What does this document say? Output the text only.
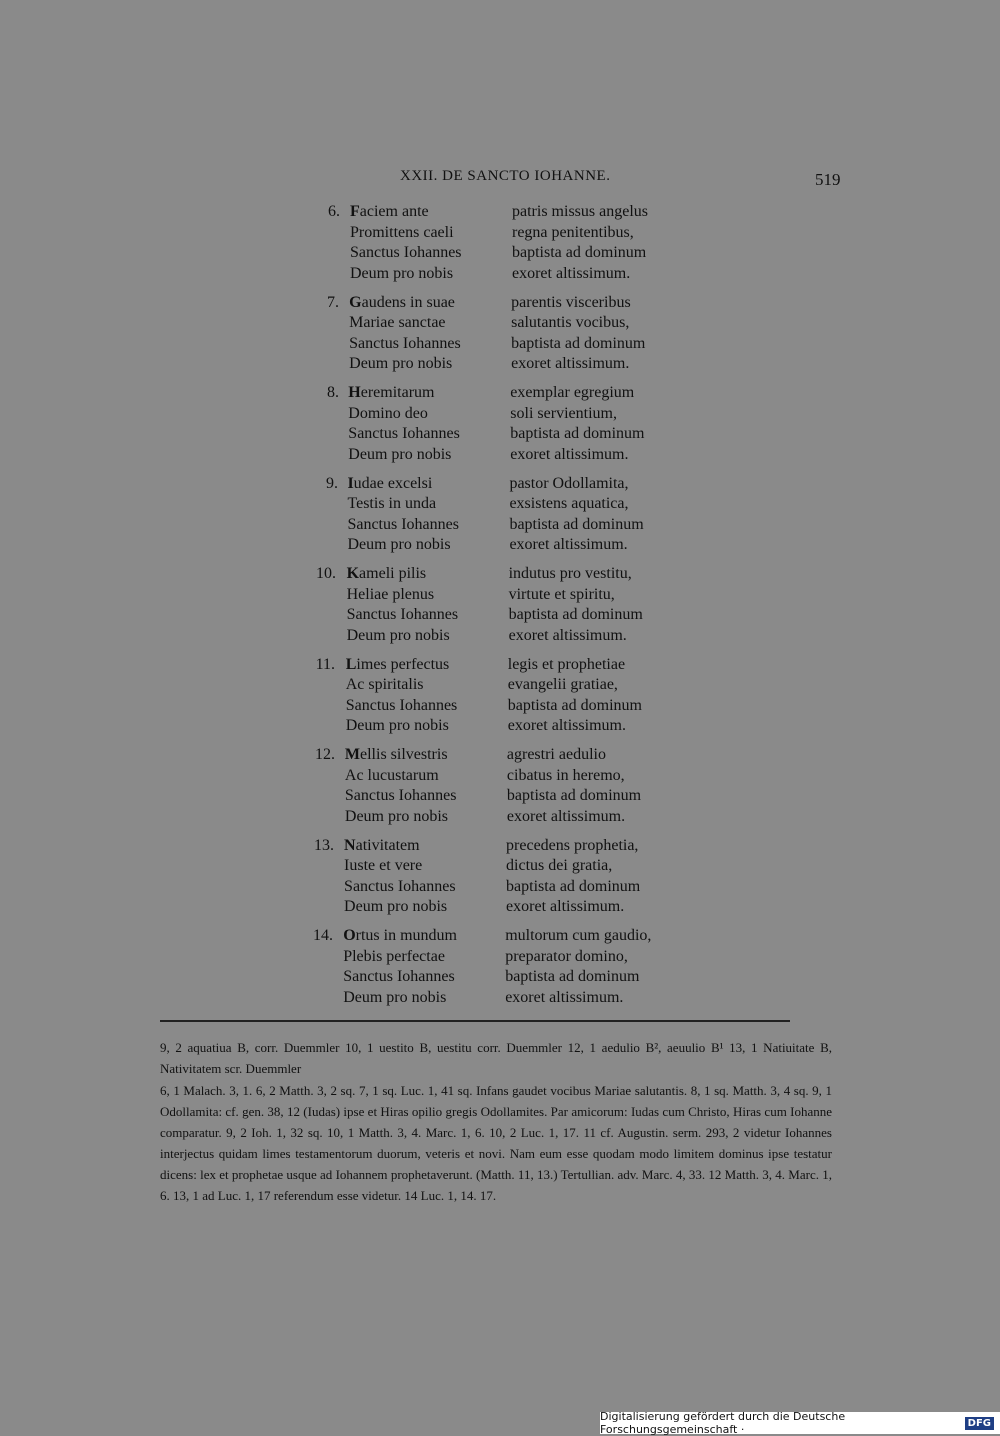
XXII. DE SANCTO IOHANNE.	519
6. Faciem ante	patris missus angelus
Promittens caeli	regna penitentibus,
Sanctus Iohannes	baptista ad dominum
Deum pro nobis	exoret altissimum.
7. Gaudens in suae	parentis visceribus
Mariae sanctae	salutantis vocibus,
Sanctus Iohannes	baptista ad dominum
Deum pro nobis	exoret altissimum.
8. Heremitarum	exemplar egregium
Domino deo	soli servientium,
Sanctus Iohannes	baptista ad dominum
Deum pro nobis	exoret altissimum.
9. Iudae excelsi	pastor Odollamita,
Testis in unda	exsistens aquatica,
Sanctus Iohannes	baptista ad dominum
Deum pro nobis	exoret altissimum.
10. Kameli pilis	indutus pro vestitu,
Heliae plenus	virtute et spiritu,
Sanctus Iohannes	baptista ad dominum
Deum pro nobis	exoret altissimum.
11. Limes perfectus	legis et prophetiae
Ac spiritalis	evangelii gratiae,
Sanctus Iohannes	baptista ad dominum
Deum pro nobis	exoret altissimum.
12. Mellis silvestris	agrestri aedulio
Ac lucustarum	cibatus in heremo,
Sanctus Iohannes	baptista ad dominum
Deum pro nobis	exoret altissimum.
13. Nativitatem	precedens prophetia,
Iuste et vere	dictus dei gratia,
Sanctus Iohannes	baptista ad dominum
Deum pro nobis	exoret altissimum.
14. Ortus in mundum	multorum cum gaudio,
Plebis perfectae	preparator domino,
Sanctus Iohannes	baptista ad dominum
Deum pro nobis	exoret altissimum.
9, 2 aquatiua B, corr. Duemmler 10, 1 uestito B, uestitu corr. Duemmler 12, 1 aedulio B², aeuulio B¹ 13, 1 Natiuitate B, Nativitatem scr. Duemmler
6, 1 Malach. 3, 1. 6, 2 Matth. 3, 2 sq. 7, 1 sq. Luc. 1, 41 sq. Infans gaudet vocibus Mariae salutantis. 8, 1 sq. Matth. 3, 4 sq. 9, 1 Odollamita: cf. gen. 38, 12 (Iudas) ipse et Hiras opilio gregis Odollamites. Par amicorum: Iudas cum Christo, Hiras cum Iohanne comparatur. 9, 2 Ioh. 1, 32 sq. 10, 1 Matth. 3, 4. Marc. 1, 6. 10, 2 Luc. 1, 17. 11 cf. Augustin. serm. 293, 2 videtur Iohannes interjectus quidam limes testamentorum duorum, veteris et novi. Nam eum esse quodam modo limitem dominus ipse testatur dicens: lex et prophetae usque ad Iohannem prophetaverunt. (Matth. 11, 13.) Tertullian. adv. Marc. 4, 33. 12 Matth. 3, 4. Marc. 1, 6. 13, 1 ad Luc. 1, 17 referendum esse videtur. 14 Luc. 1, 14. 17.
Digitalisierung gefördert durch die Deutsche Forschungsgemeinschaft ·	DFG
